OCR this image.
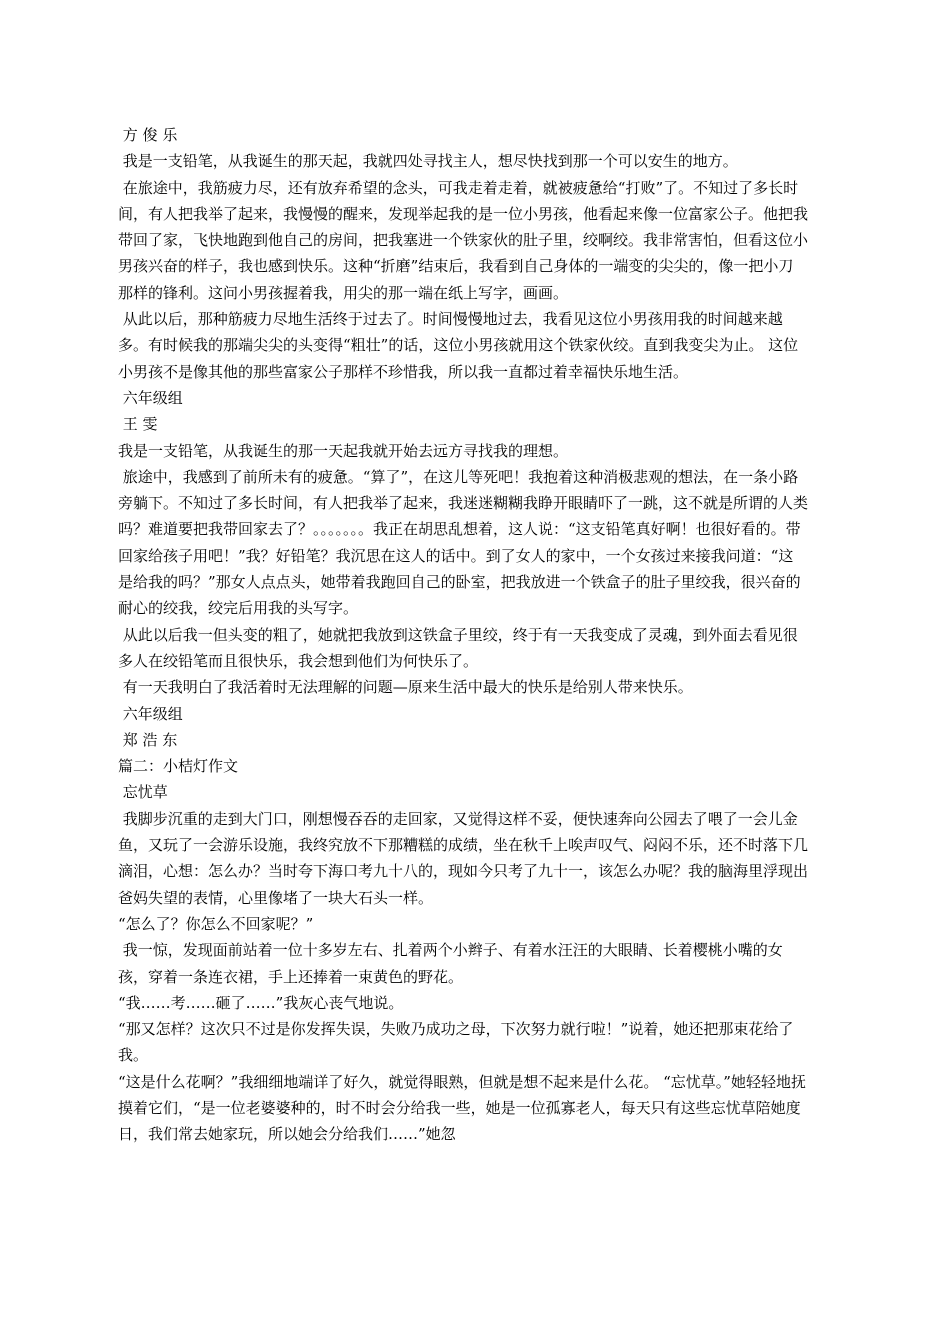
方 俊 乐

我是一支铅笔，从我诞生的那天起，我就四处寻找主人，想尽快找到那一个可以安生的地方。

在旅途中，我筋疲力尽，还有放弃希望的念头，可我走着走着，就被疲惫给“打败”了。不知过了多长时间，有人把我举了起来，我慢慢的醒来，发现举起我的是一位小男孩，他看起来像一位富家公子。他把我带回了家，飞快地跑到他自己的房间，把我塞进一个铁家伙的肚子里，绞啊绞。我非常害怕，但看这位小男孩兴奋的样子，我也感到快乐。这种“折磨”结束后，我看到自己身体的一端变的尖尖的，像一把小刀那样的锋利。这问小男孩握着我，用尖的那一端在纸上写字，画画。

从此以后，那种筋疲力尽地生活终于过去了。时间慢慢地过去，我看见这位小男孩用我的时间越来越多。有时候我的那端尖尖的头变得“粗壮”的话，这位小男孩就用这个铁家伙绞。直到我变尖为止。 这位小男孩不是像其他的那些富家公子那样不珍惜我，所以我一直都过着幸福快乐地生活。

六年级组

王 雯

我是一支铅笔，从我诞生的那一天起我就开始去远方寻找我的理想。

旅途中，我感到了前所未有的疲惫。“算了”，在这儿等死吧！我抱着这种消极悲观的想法，在一条小路旁躺下。不知过了多长时间，有人把我举了起来，我迷迷糊糊我睁开眼睛吓了一跳，这不就是所谓的人类吗？难道要把我带回家去了？。。。。。。。我正在胡思乱想着，这人说：“这支铅笔真好啊！也很好看的。带回家给孩子用吧！”我？好铅笔？我沉思在这人的话中。到了女人的家中，一个女孩过来接我问道：“这是给我的吗？”那女人点点头，她带着我跑回自己的卧室，把我放进一个铁盒子的肚子里绞我，很兴奋的耐心的绞我，绞完后用我的头写字。

从此以后我一但头变的粗了，她就把我放到这铁盒子里绞，终于有一天我变成了灵魂，到外面去看见很多人在绞铅笔而且很快乐，我会想到他们为何快乐了。

有一天我明白了我活着时无法理解的问题—原来生活中最大的快乐是给别人带来快乐。

六年级组

郑 浩 东

篇二：小桔灯作文

忘忧草

我脚步沉重的走到大门口，刚想慢吞吞的走回家，又觉得这样不妥，便快速奔向公园去了喂了一会儿金鱼，又玩了一会游乐设施，我终究放不下那糟糕的成绩，坐在秋千上唉声叹气、闷闷不乐，还不时落下几滴泪，心想：怎么办？当时夸下海口考九十八的，现如今只考了九十一，该怎么办呢？我的脑海里浮现出爸妈失望的表情，心里像堵了一块大石头一样。

“怎么了？你怎么不回家呢？”

我一惊，发现面前站着一位十多岁左右、扎着两个小辫子、有着水汪汪的大眼睛、长着樱桃小嘴的女孩，穿着一条连衣裙，手上还捧着一束黄色的野花。

“我……考……砸了……”我灰心丧气地说。

“那又怎样？这次只不过是你发挥失误，失败乃成功之母，下次努力就行啦！”说着，她还把那束花给了我。

“这是什么花啊？”我细细地端详了好久，就觉得眼熟，但就是想不起来是什么花。 “忘忧草。”她轻轻地抚摸着它们，“是一位老婆婆种的，时不时会分给我一些，她是一位孤寡老人，每天只有这些忘忧草陪她度日，我们常去她家玩，所以她会分给我们……”她忽
